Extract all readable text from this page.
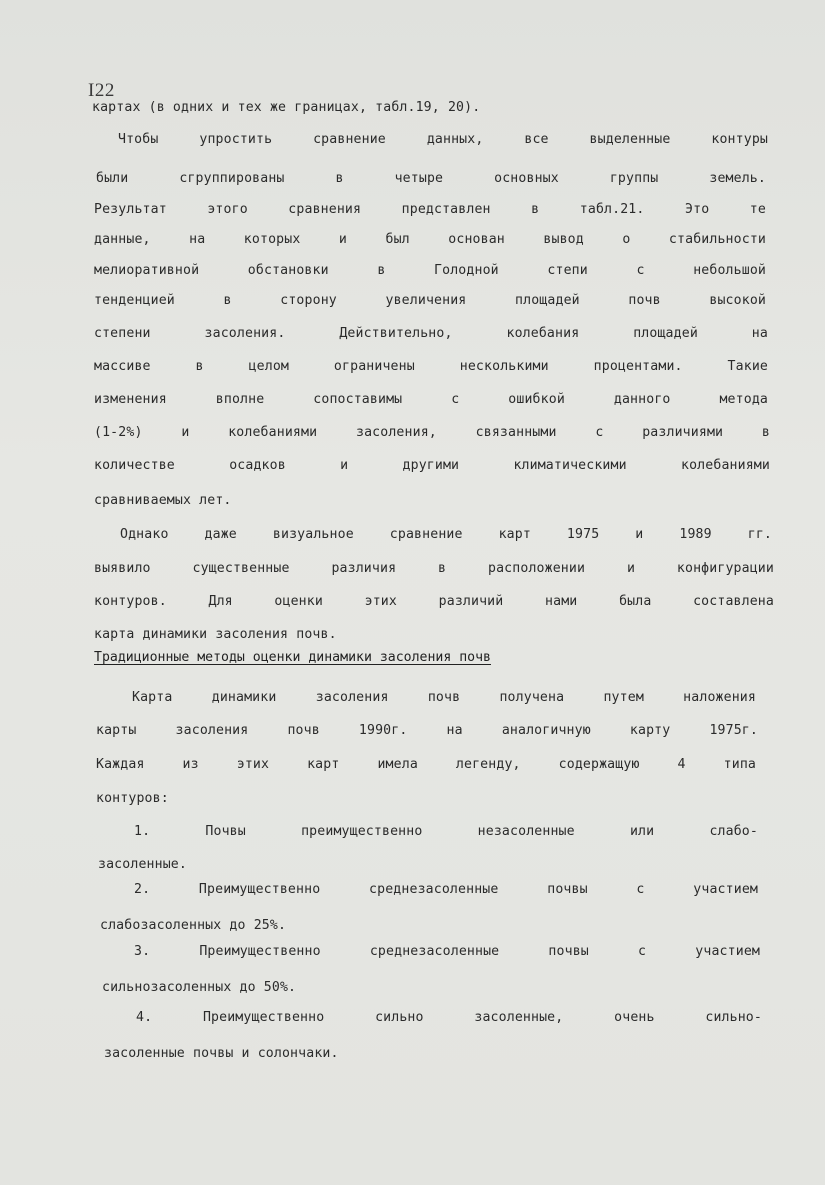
I22
картах (в одних и тех же границах, табл.19, 20).
Чтобы упростить сравнение данных, все выделенные контуры
были сгруппированы в четыре основных группы земель.
Результат этого сравнения представлен в табл.21. Это те
данные, на которых и был основан вывод о стабильности
мелиоративной обстановки в Голодной степи с небольшой
тенденцией в сторону увеличения площадей почв высокой
степени засоления. Действительно, колебания площадей на
массиве в целом ограничены несколькими процентами. Такие
изменения вполне сопоставимы с ошибкой данного метода
(1-2%) и колебаниями засоления, связанными с различиями в
количестве осадков и другими климатическими колебаниями
сравниваемых лет.
Однако даже визуальное сравнение карт 1975 и 1989 гг.
выявило существенные различия в расположении и конфигурации
контуров. Для оценки этих различий нами была составлена
карта динамики засоления почв.
Традиционные методы оценки динамики засоления почв
Карта динамики засоления почв получена путем наложения
карты засоления почв 1990г. на аналогичную карту 1975г.
Каждая из этих карт имела легенду, содержащую 4 типа
контуров:
1. Почвы преимущественно незасоленные или слабо-
засоленные.
2. Преимущественно среднезасоленные почвы с участием
слабозасоленных до 25%.
3. Преимущественно среднезасоленные почвы с участием
сильнозасоленных до 50%.
4. Преимущественно сильно засоленные, очень сильно-
засоленные почвы и солончаки.
